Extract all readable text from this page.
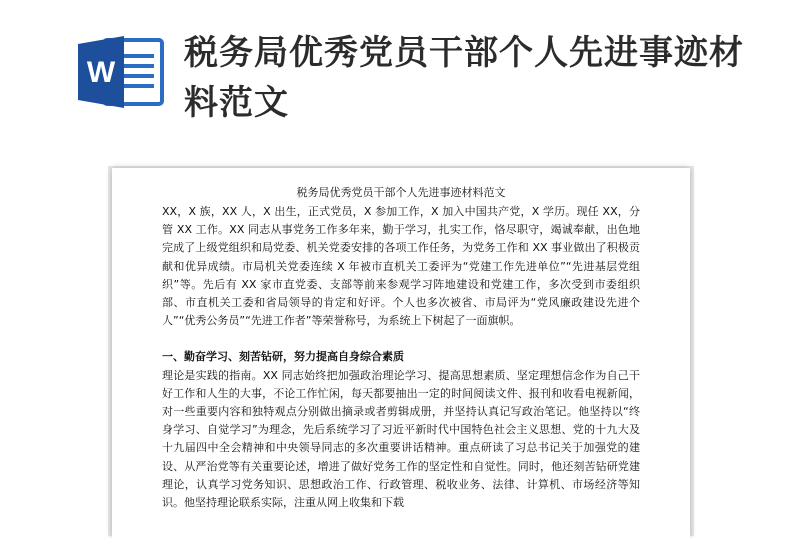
W 税务局优秀党员干部个人先进事迹材料范文
税务局优秀党员干部个人先进事迹材料范文

XX，X 族，XX 人，X 出生，正式党员，X 参加工作，X 加入中国共产党，X 学历。现任 XX，分管 XX 工作。XX 同志从事党务工作多年来，勤于学习，扎实工作，恪尽职守，竭诚奉献，出色地完成了上级党组织和局党委、机关党委安排的各项工作任务，为党务工作和 XX 事业做出了积极贡献和优异成绩。市局机关党委连续 X 年被市直机关工委评为“党建工作先进单位”“先进基层党组织”等。先后有 XX 家市直党委、支部等前来参观学习阵地建设和党建工作，多次受到市委组织部、市直机关工委和省局领导的肯定和好评。个人也多次被省、市局评为“党风廉政建设先进个人”“优秀公务员”“先进工作者”等荣誉称号，为系统上下树起了一面旗帜。

一、勤奋学习、刻苦钻研，努力提高自身综合素质

理论是实践的指南。XX 同志始终把加强政治理论学习、提高思想素质、坚定理想信念作为自己干好工作和人生的大事，不论工作忙闲，每天都要抽出一定的时间阅读文件、报刊和收看电视新闻，对一些重要内容和独特观点分别做出摘录或者剪辑成册，并坚持认真记写政治笔记。他坚持以“终身学习、自觉学习”为理念，先后系统学习了习近平新时代中国特色社会主义思想、党的十九大及十九届四中全会精神和中央领导同志的多次重要讲话精神。重点研读了习总书记关于加强党的建设、从严治党等有关重要论述，增进了做好党务工作的坚定性和自觉性。同时，他还刻苦钻研党建理论，认真学习党务知识、思想政治工作、行政管理、税收业务、法律、计算机、市场经济等知识。他坚持理论联系实际，注重从网上收集和下载
